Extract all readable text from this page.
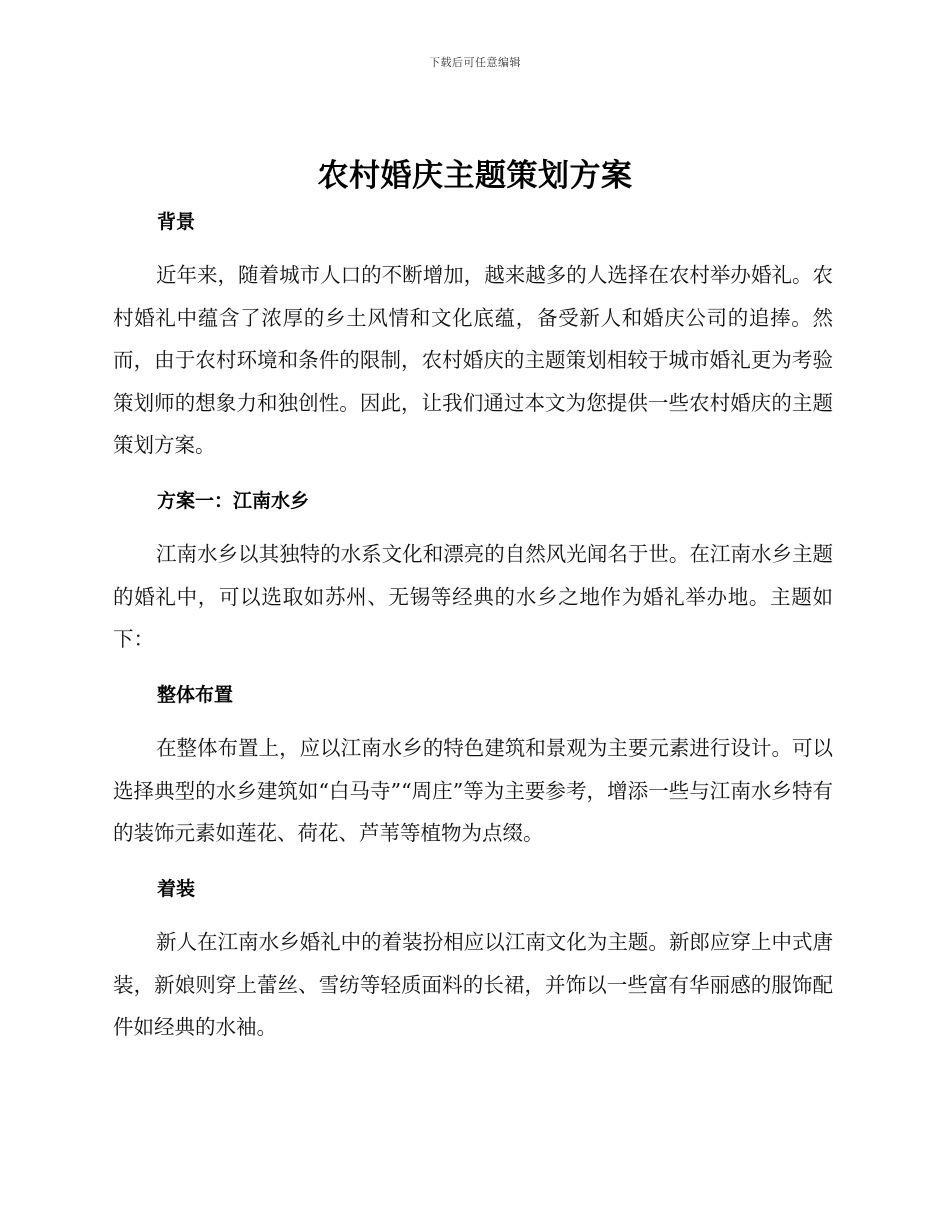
下载后可任意编辑
农村婚庆主题策划方案
背景

近年来，随着城市人口的不断增加，越来越多的人选择在农村举办婚礼。农村婚礼中蕴含了浓厚的乡土风情和文化底蕴，备受新人和婚庆公司的追捧。然而，由于农村环境和条件的限制，农村婚庆的主题策划相较于城市婚礼更为考验策划师的想象力和独创性。因此，让我们通过本文为您提供一些农村婚庆的主题策划方案。

方案一：江南水乡

江南水乡以其独特的水系文化和漂亮的自然风光闻名于世。在江南水乡主题的婚礼中，可以选取如苏州、无锡等经典的水乡之地作为婚礼举办地。主题如下：

整体布置

在整体布置上，应以江南水乡的特色建筑和景观为主要元素进行设计。可以选择典型的水乡建筑如“白马寺”“周庄”等为主要参考，增添一些与江南水乡特有的装饰元素如莲花、荷花、芦苇等植物为点缀。

着装

新人在江南水乡婚礼中的着装扮相应以江南文化为主题。新郎应穿上中式唐装，新娘则穿上蕾丝、雪纺等轻质面料的长裙，并饰以一些富有华丽感的服饰配件如经典的水袖。
